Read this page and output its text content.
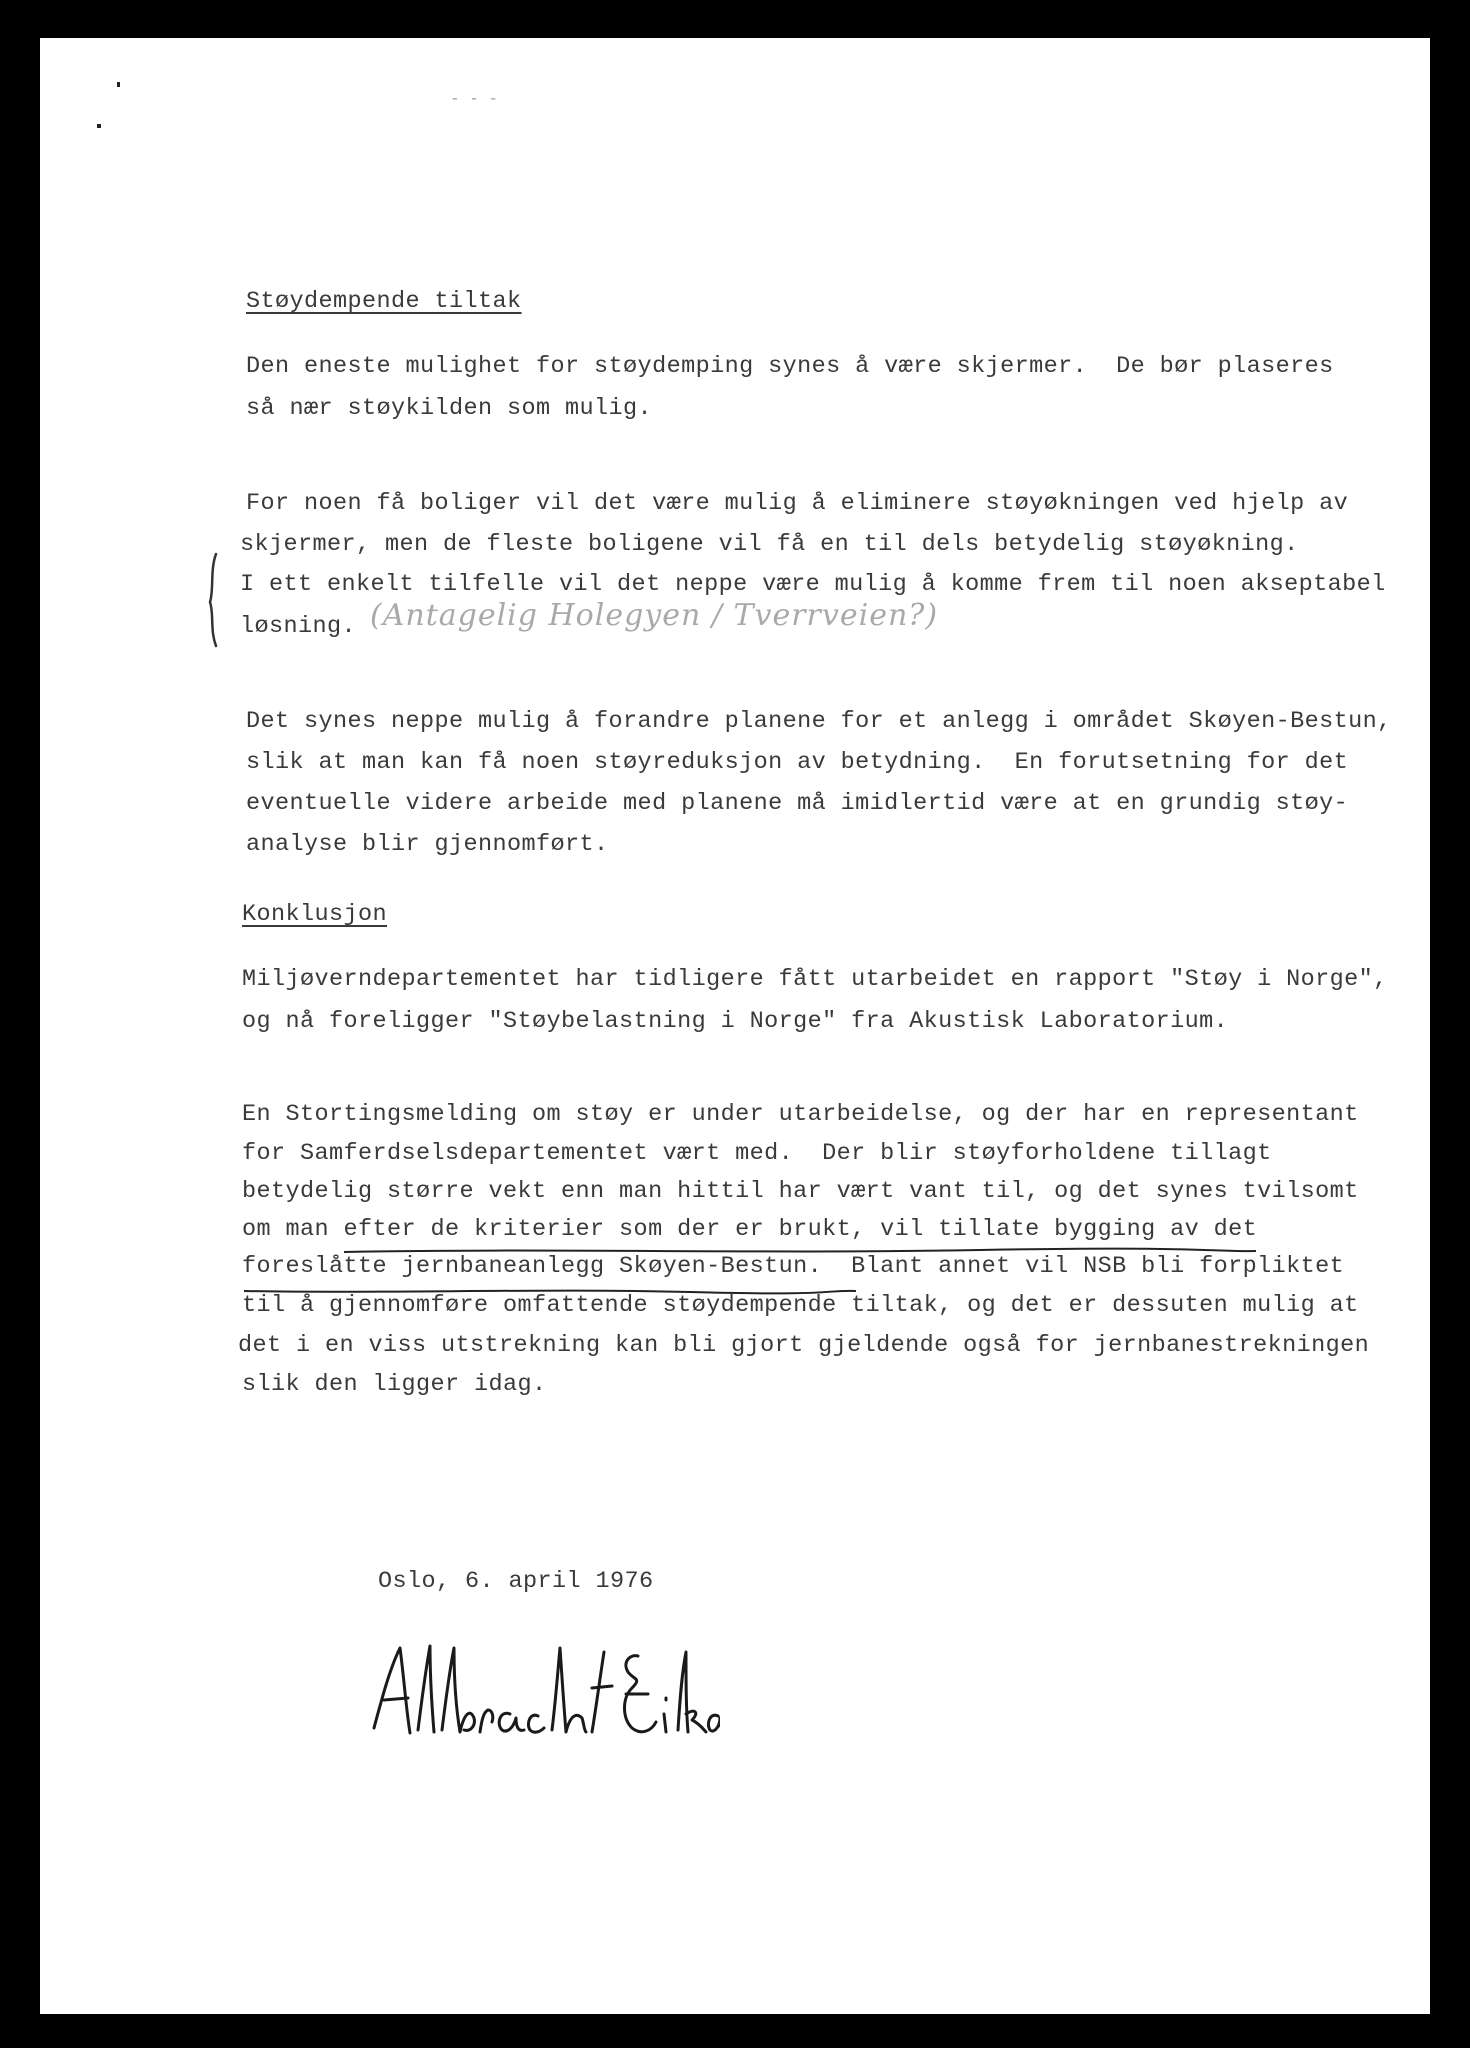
- - -
Støydempende tiltak
Den eneste mulighet for støydemping synes å være skjermer.  De bør plaseres
så nær støykilden som mulig.
For noen få boliger vil det være mulig å eliminere støyøkningen ved hjelp av
skjermer, men de fleste boligene vil få en til dels betydelig støyøkning.
I ett enkelt tilfelle vil det neppe være mulig å komme frem til noen akseptabel
løsning. (Antagelig Holegyen / Tverrveien?)
Det synes neppe mulig å forandre planene for et anlegg i området Skøyen-Bestun,
slik at man kan få noen støyreduksjon av betydning.  En forutsetning for det
eventuelle videre arbeide med planene må imidlertid være at en grundig støy-
analyse blir gjennomført.
Konklusjon
Miljøverndepartementet har tidligere fått utarbeidet en rapport "Støy i Norge",
og nå foreligger "Støybelastning i Norge" fra Akustisk Laboratorium.
En Stortingsmelding om støy er under utarbeidelse, og der har en representant
for Samferdselsdepartementet vært med.  Der blir støyforholdene tillagt
betydelig større vekt enn man hittil har vært vant til, og det synes tvilsomt
om man efter de kriterier som der er brukt, vil tillate bygging av det
foreslåtte jernbaneanlegg Skøyen-Bestun.  Blant annet vil NSB bli forpliktet
til å gjennomføre omfattende støydempende tiltak, og det er dessuten mulig at
det i en viss utstrekning kan bli gjort gjeldende også for jernbanestrekningen
slik den ligger idag.
Oslo, 6. april 1976
